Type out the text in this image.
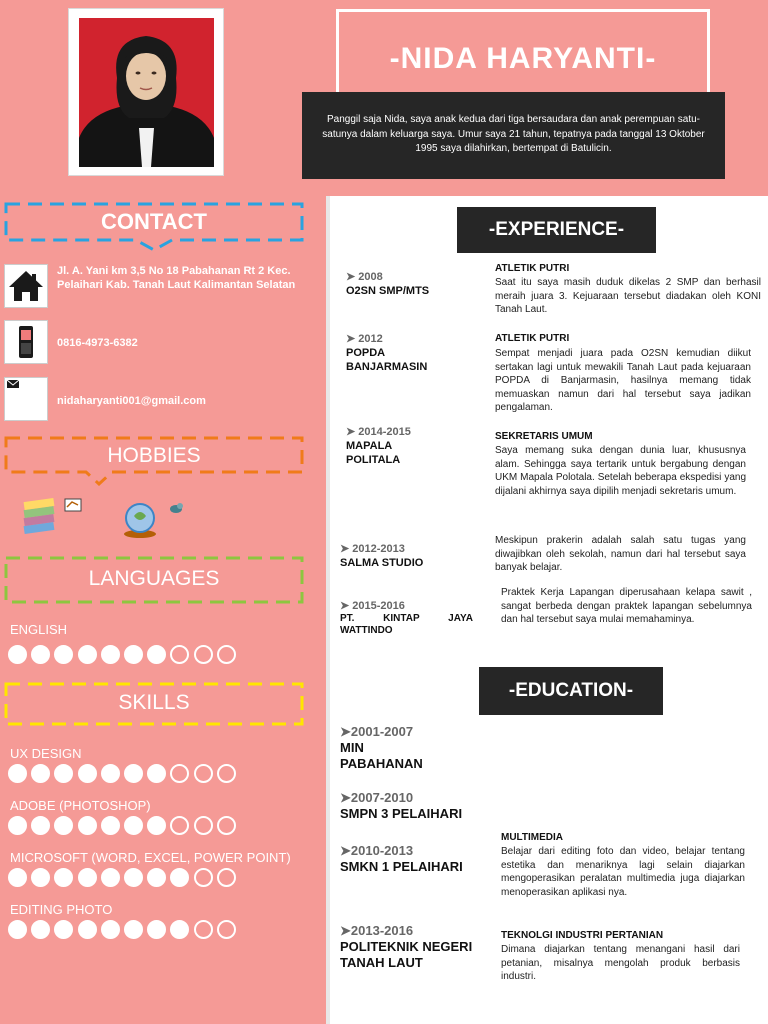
-NIDA HARYANTI-
Panggil saja Nida, saya anak kedua dari tiga bersaudara dan anak perempuan satu-satunya dalam keluarga saya. Umur saya 21 tahun, tepatnya pada tanggal 13 Oktober 1995 saya dilahirkan, bertempat di Batulicin.
CONTACT
Jl. A. Yani km 3,5 No 18 Pabahanan Rt 2 Kec. Pelaihari Kab. Tanah Laut Kalimantan Selatan
0816-4973-6382
nidaharyanti001@gmail.com
HOBBIES
LANGUAGES
ENGLISH
SKILLS
UX DESIGN
ADOBE (PHOTOSHOP)
MICROSOFT (WORD, EXCEL, POWER POINT)
EDITING PHOTO
-EXPERIENCE-
➤ 2008
O2SN SMP/MTS
ATLETIK PUTRI
Saat itu saya masih duduk dikelas 2 SMP dan berhasil meraih juara 3. Kejuaraan tersebut diadakan oleh KONI Tanah Laut.
➤ 2012
POPDA BANJARMASIN
ATLETIK PUTRI
Sempat menjadi juara pada O2SN kemudian diikut sertakan lagi untuk mewakili Tanah Laut pada kejuaraan POPDA di Banjarmasin, hasilnya memang tidak memuaskan namun dari hal tersebut saya jadikan pengalaman.
➤ 2014-2015
MAPALA POLITALA
SEKRETARIS UMUM
Saya memang suka dengan dunia luar, khususnya alam. Sehingga saya tertarik untuk bergabung dengan UKM Mapala Polotala. Setelah beberapa ekspedisi yang dijalani akhirnya saya dipilih menjadi sekretaris umum.
➤ 2012-2013
SALMA STUDIO
Meskipun prakerin adalah salah satu tugas yang diwajibkan oleh sekolah, namun dari hal tersebut saya banyak belajar.
➤ 2015-2016
PT. KINTAP JAYA WATTINDO
Praktek Kerja Lapangan diperusahaan kelapa sawit , sangat berbeda dengan praktek lapangan sebelumnya dan hal tersebut saya mulai memahaminya.
-EDUCATION-
➤2001-2007
MIN PABAHANAN
➤2007-2010
SMPN 3 PELAIHARI
➤2010-2013
SMKN 1 PELAIHARI
MULTIMEDIA
Belajar dari editing foto dan video, belajar tentang estetika dan menariknya lagi selain diajarkan mengoperasikan peralatan multimedia juga diajarkan menoperasikan aplikasi nya.
➤2013-2016
POLITEKNIK NEGERI TANAH LAUT
TEKNOLGI INDUSTRI PERTANIAN
Dimana diajarkan tentang menangani hasil dari petanian, misalnya mengolah produk berbasis industri.
